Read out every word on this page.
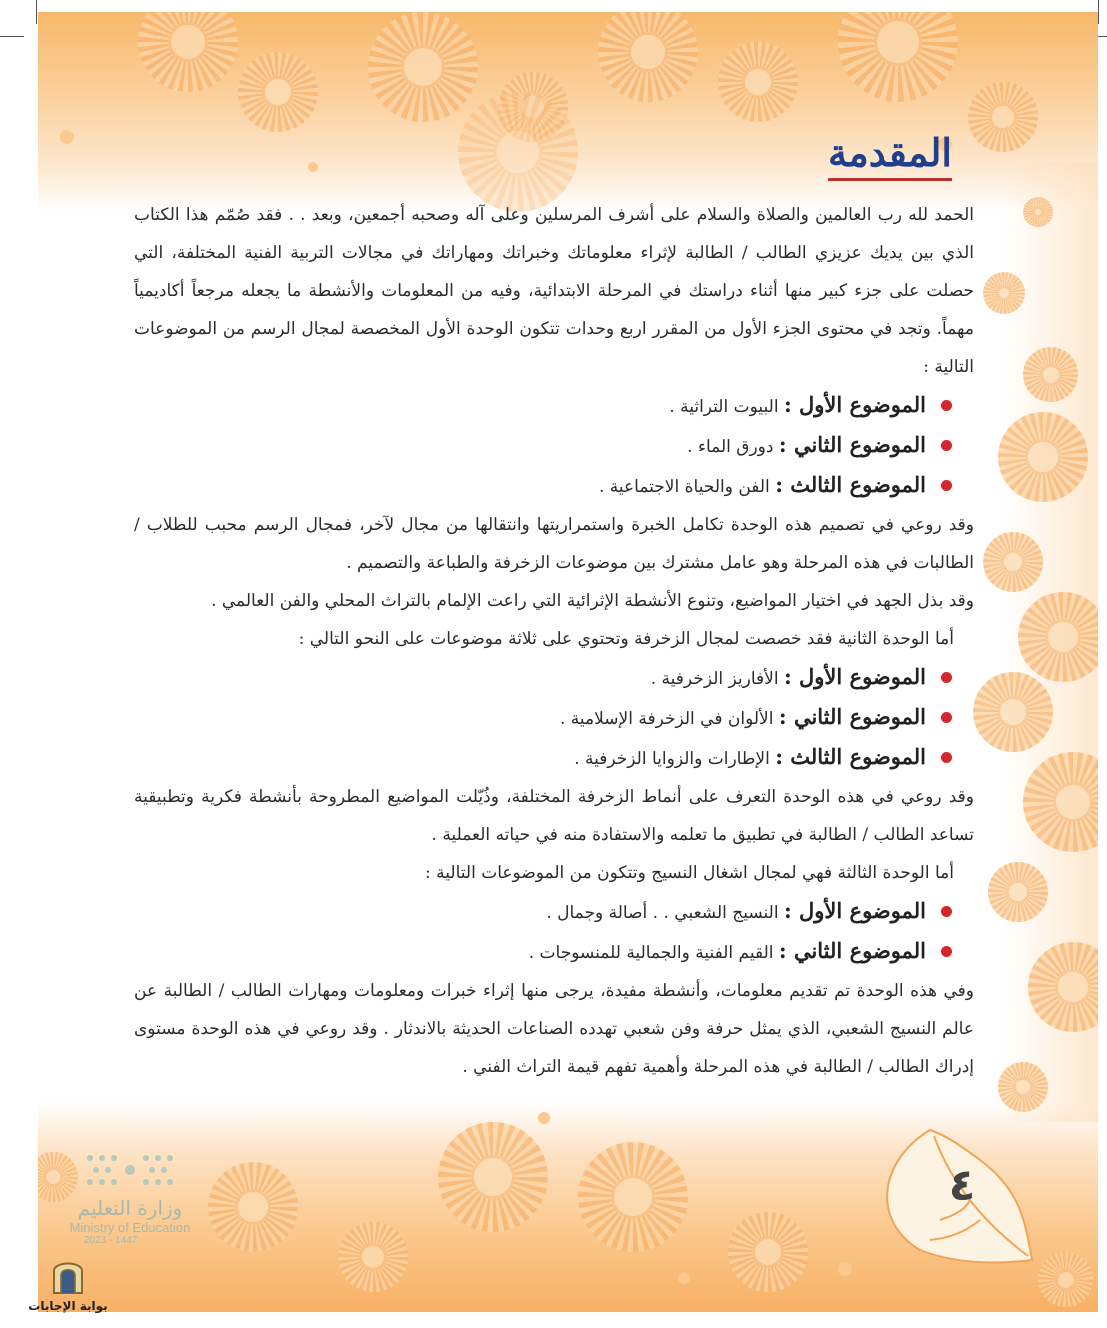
المقدمة

الحمد لله رب العالمين والصلاة والسلام على أشرف المرسلين وعلى آله وصحبه أجمعين، وبعد . . فقد صُمّم هذا الكتاب الذي بين يديك عزيزي الطالب / الطالبة لإثراء معلوماتك وخبراتك ومهاراتك في مجالات التربية الفنية المختلفة، التي حصلت على جزء كبير منها أثناء دراستك في المرحلة الابتدائية، وفيه من المعلومات والأنشطة ما يجعله مرجعاً أكاديمياً مهماً. وتجد في محتوى الجزء الأول من المقرر اربع وحدات تتكون الوحدة الأول المخصصة لمجال الرسم من الموضوعات التالية :

الموضوع الأول : البيوت التراثية .

الموضوع الثاني : دورق الماء .

الموضوع الثالث : الفن والحياة الاجتماعية .

وقد روعي في تصميم هذه الوحدة تكامل الخبرة واستمراريتها وانتقالها من مجال لآخر، فمجال الرسم محبب للطلاب / الطالبات في هذه المرحلة وهو عامل مشترك بين موضوعات الزخرفة والطباعة والتصميم .

وقد بذل الجهد في اختيار المواضيع، وتنوع الأنشطة الإثرائية التي راعت الإلمام بالتراث المحلي والفن العالمي .

أما الوحدة الثانية فقد خصصت لمجال الزخرفة وتحتوي على ثلاثة موضوعات على النحو التالي :

الموضوع الأول : الأفاريز الزخرفية .

الموضوع الثاني : الألوان في الزخرفة الإسلامية .

الموضوع الثالث : الإطارات والزوايا الزخرفية .

وقد روعي في هذه الوحدة التعرف على أنماط الزخرفة المختلفة، وذُيّلت المواضيع المطروحة بأنشطة فكرية وتطبيقية تساعد الطالب / الطالبة في تطبيق ما تعلمه والاستفادة منه في حياته العملية .

أما الوحدة الثالثة فهي لمجال اشغال النسيج وتتكون من الموضوعات التالية :

الموضوع الأول : النسيج الشعبي . . أصالة وجمال .

الموضوع الثاني : القيم الفنية والجمالية للمنسوجات .

وفي هذه الوحدة تم تقديم معلومات، وأنشطة مفيدة، يرجى منها إثراء خبرات ومعلومات ومهارات الطالب / الطالبة عن عالم النسيج الشعبي، الذي يمثل حرفة وفن شعبي تهدده الصناعات الحديثة بالاندثار . وقد روعي في هذه الوحدة مستوى إدراك الطالب / الطالبة في هذه المرحلة وأهمية تفهم قيمة التراث الفني .

٤
وزارة التعليم
Ministry of Education
2023 - 1447
بوابة الإجابات
